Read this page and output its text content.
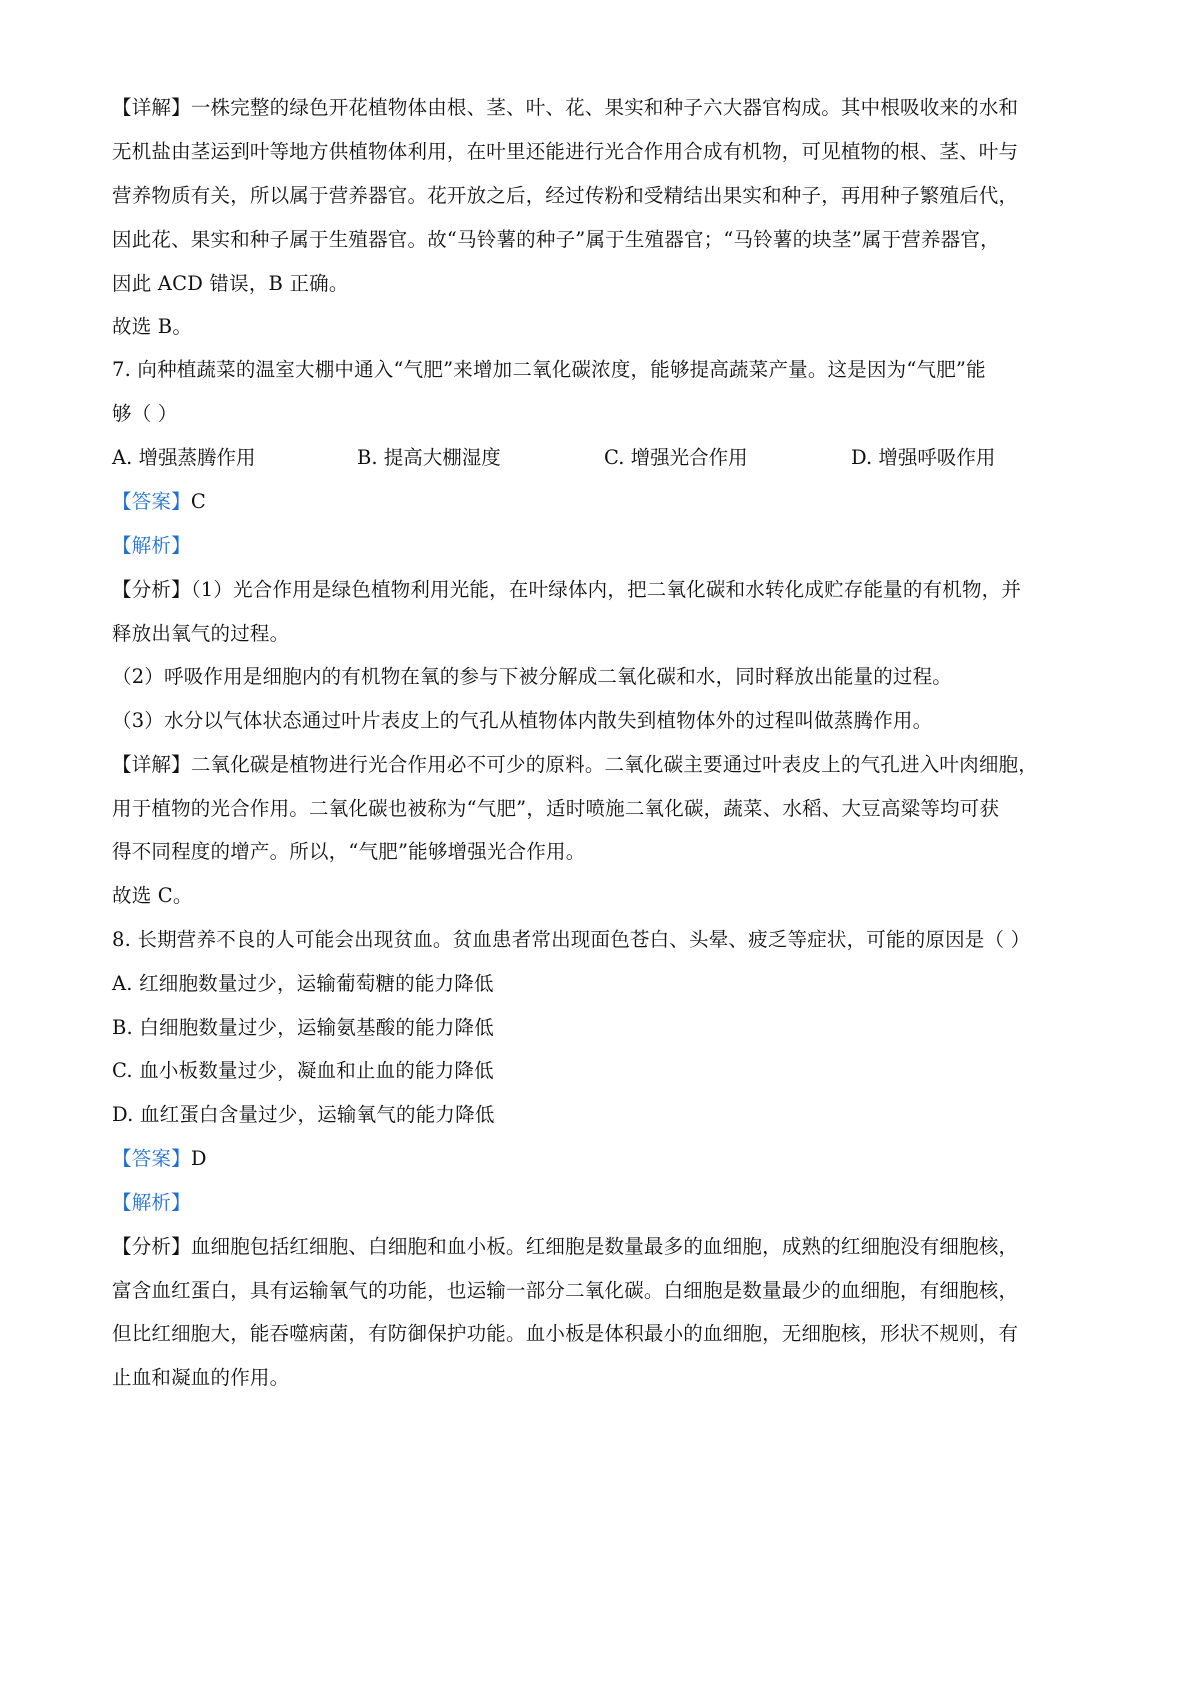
【详解】一株完整的绿色开花植物体由根、茎、叶、花、果实和种子六大器官构成。其中根吸收来的水和
无机盐由茎运到叶等地方供植物体利用，在叶里还能进行光合作用合成有机物，可见植物的根、茎、叶与
营养物质有关，所以属于营养器官。花开放之后，经过传粉和受精结出果实和种子，再用种子繁殖后代，
因此花、果实和种子属于生殖器官。故“马铃薯的种子”属于生殖器官；“马铃薯的块茎”属于营养器官，
因此 ACD 错误，B 正确。
故选 B。
7. 向种植蔬菜的温室大棚中通入“气肥”来增加二氧化碳浓度，能够提高蔬菜产量。这是因为“气肥”能
够（ ）
A. 增强蒸腾作用	B. 提高大棚湿度	C. 增强光合作用	D. 增强呼吸作用
【答案】C
【解析】
【分析】（1）光合作用是绿色植物利用光能，在叶绿体内，把二氧化碳和水转化成贮存能量的有机物，并
释放出氧气的过程。
（2）呼吸作用是细胞内的有机物在氧的参与下被分解成二氧化碳和水，同时释放出能量的过程。
（3）水分以气体状态通过叶片表皮上的气孔从植物体内散失到植物体外的过程叫做蒸腾作用。
【详解】二氧化碳是植物进行光合作用必不可少的原料。二氧化碳主要通过叶表皮上的气孔进入叶肉细胞，
用于植物的光合作用。二氧化碳也被称为“气肥”，适时喷施二氧化碳，蔬菜、水稻、大豆高粱等均可获
得不同程度的增产。所以，“气肥”能够增强光合作用。
故选 C。
8. 长期营养不良的人可能会出现贫血。贫血患者常出现面色苍白、头晕、疲乏等症状，可能的原因是（ ）
A. 红细胞数量过少，运输葡萄糖的能力降低
B. 白细胞数量过少，运输氨基酸的能力降低
C. 血小板数量过少，凝血和止血的能力降低
D. 血红蛋白含量过少，运输氧气的能力降低
【答案】D
【解析】
【分析】血细胞包括红细胞、白细胞和血小板。红细胞是数量最多的血细胞，成熟的红细胞没有细胞核，
富含血红蛋白，具有运输氧气的功能，也运输一部分二氧化碳。白细胞是数量最少的血细胞，有细胞核，
但比红细胞大，能吞噬病菌，有防御保护功能。血小板是体积最小的血细胞，无细胞核，形状不规则，有
止血和凝血的作用。
